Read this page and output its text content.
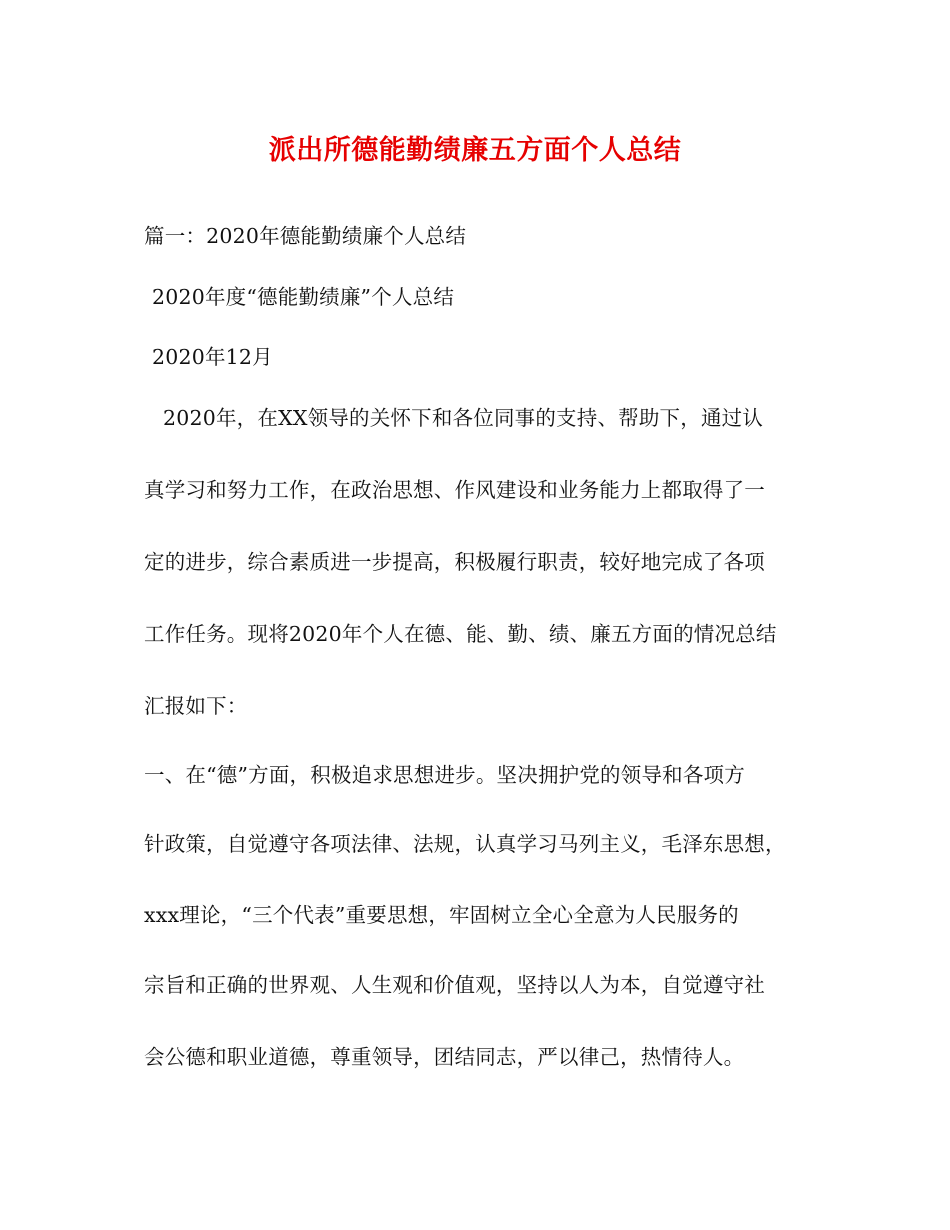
派出所德能勤绩廉五方面个人总结
篇一：2020年德能勤绩廉个人总结
2020年度“德能勤绩廉”个人总结
2020年12月
2020年，在XX领导的关怀下和各位同事的支持、帮助下，通过认
真学习和努力工作，在政治思想、作风建设和业务能力上都取得了一
定的进步，综合素质进一步提高，积极履行职责，较好地完成了各项
工作任务。现将2020年个人在德、能、勤、绩、廉五方面的情况总结
汇报如下：
一、在“德”方面，积极追求思想进步。坚决拥护党的领导和各项方
针政策，自觉遵守各项法律、法规，认真学习马列主义，毛泽东思想，
xxx理论，“三个代表”重要思想，牢固树立全心全意为人民服务的
宗旨和正确的世界观、人生观和价值观，坚持以人为本，自觉遵守社
会公德和职业道德，尊重领导，团结同志，严以律己，热情待人。
